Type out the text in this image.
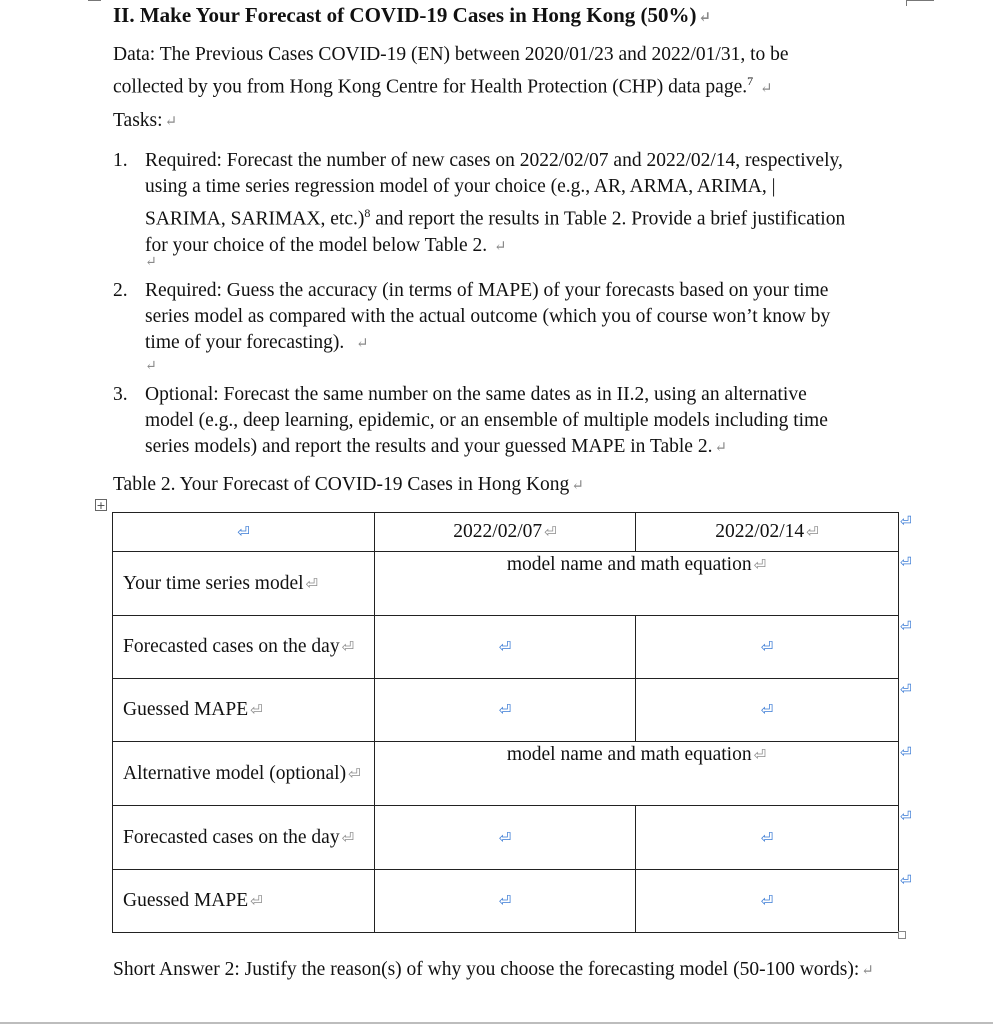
II. Make Your Forecast of COVID-19 Cases in Hong Kong (50%) ↵
Data: The Previous Cases COVID-19 (EN) between 2020/01/23 and 2022/01/31, to be
collected by you from Hong Kong Centre for Health Protection (CHP) data page.$^7$ ↵
Tasks: ↵
1. Required: Forecast the number of new cases on 2022/02/07 and 2022/02/14, respectively,
using a time series regression model of your choice (e.g., AR, ARMA, ARIMA, |
SARIMA, SARIMAX, etc.)$^8$ and report the results in Table 2. Provide a brief justification
for your choice of the model below Table 2. ↵
↵
2. Required: Guess the accuracy (in terms of MAPE) of your forecasts based on your time
series model as compared with the actual outcome (which you of course won’t know by
time of your forecasting). ↵
↵
3. Optional: Forecast the same number on the same dates as in II.2, using an alternative
model (e.g., deep learning, epidemic, or an ensemble of multiple models including time
series models) and report the results and your guessed MAPE in Table 2. ↵
Table 2. Your Forecast of COVID-19 Cases in Hong Kong ↵
+
⏎	2022/02/07 ⏎	2022/02/14 ⏎
Your time series model ⏎	model name and math equation ⏎	
Forecasted cases on the day ⏎	⏎	⏎
Guessed MAPE ⏎	⏎	⏎
Alternative model (optional) ⏎	model name and math equation ⏎	
Forecasted cases on the day ⏎	⏎	⏎
Guessed MAPE ⏎	⏎	⏎
⏎
⏎
⏎
⏎
⏎
⏎
⏎
Short Answer 2: Justify the reason(s) of why you choose the forecasting model (50-100 words): ↵
